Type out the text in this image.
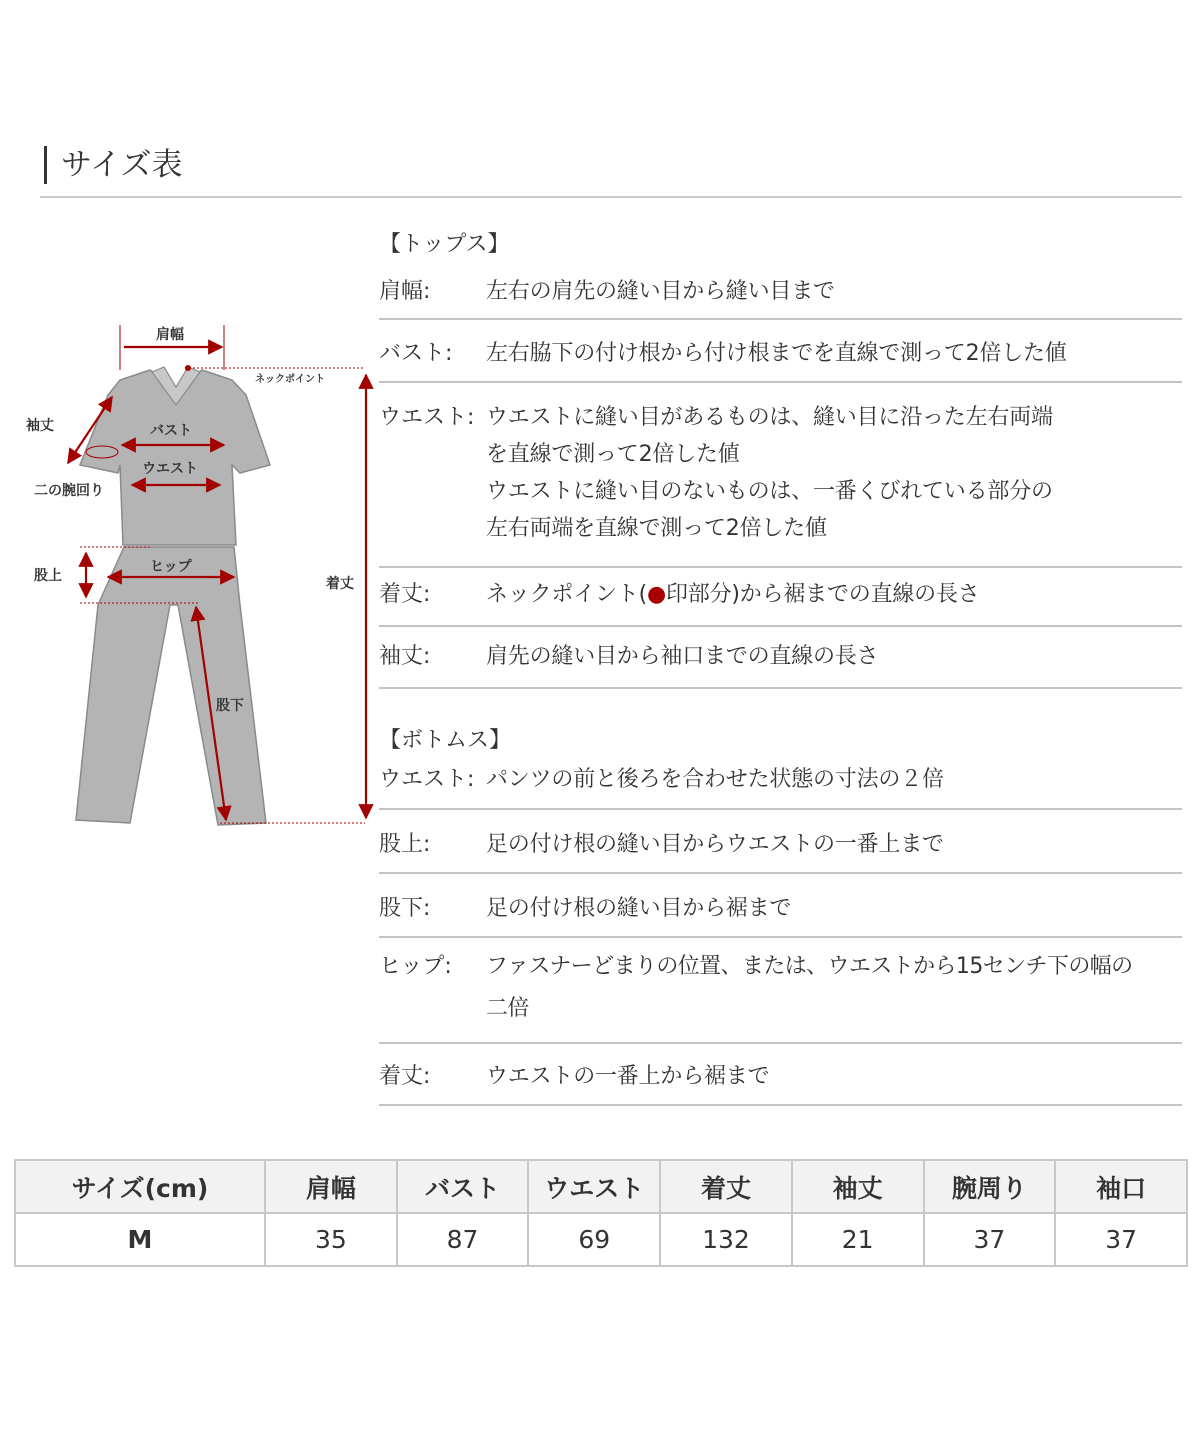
サイズ表
肩幅
ネックポイント
袖丈	バスト
ウエスト
二の腕回り
股上
ヒップ
着丈
股下
【トップス】
肩幅:	左右の肩先の縫い目から縫い目まで
バスト:	左右脇下の付け根から付け根までを直線で測って2倍した値
ウエスト: ウエストに縫い目があるものは、縫い目に沿った左右両端
を直線で測って2倍した値
ウエストに縫い目のないものは、一番くびれている部分の
左右両端を直線で測って2倍した値
着丈:	ネックポイント(●印部分)から裾までの直線の長さ
袖丈:	肩先の縫い目から袖口までの直線の長さ
【ボトムス】
ウエスト: パンツの前と後ろを合わせた状態の寸法の２倍
股上:	足の付け根の縫い目からウエストの一番上まで
股下:	足の付け根の縫い目から裾まで
ヒップ:	ファスナーどまりの位置、または、ウエストから15センチ下の幅の
二倍
着丈:	ウエストの一番上から裾まで
サイズ(cm)	肩幅	バスト	ウエスト	着丈	袖丈	腕周り	袖口
M	35	87	69	132	21	37	37
